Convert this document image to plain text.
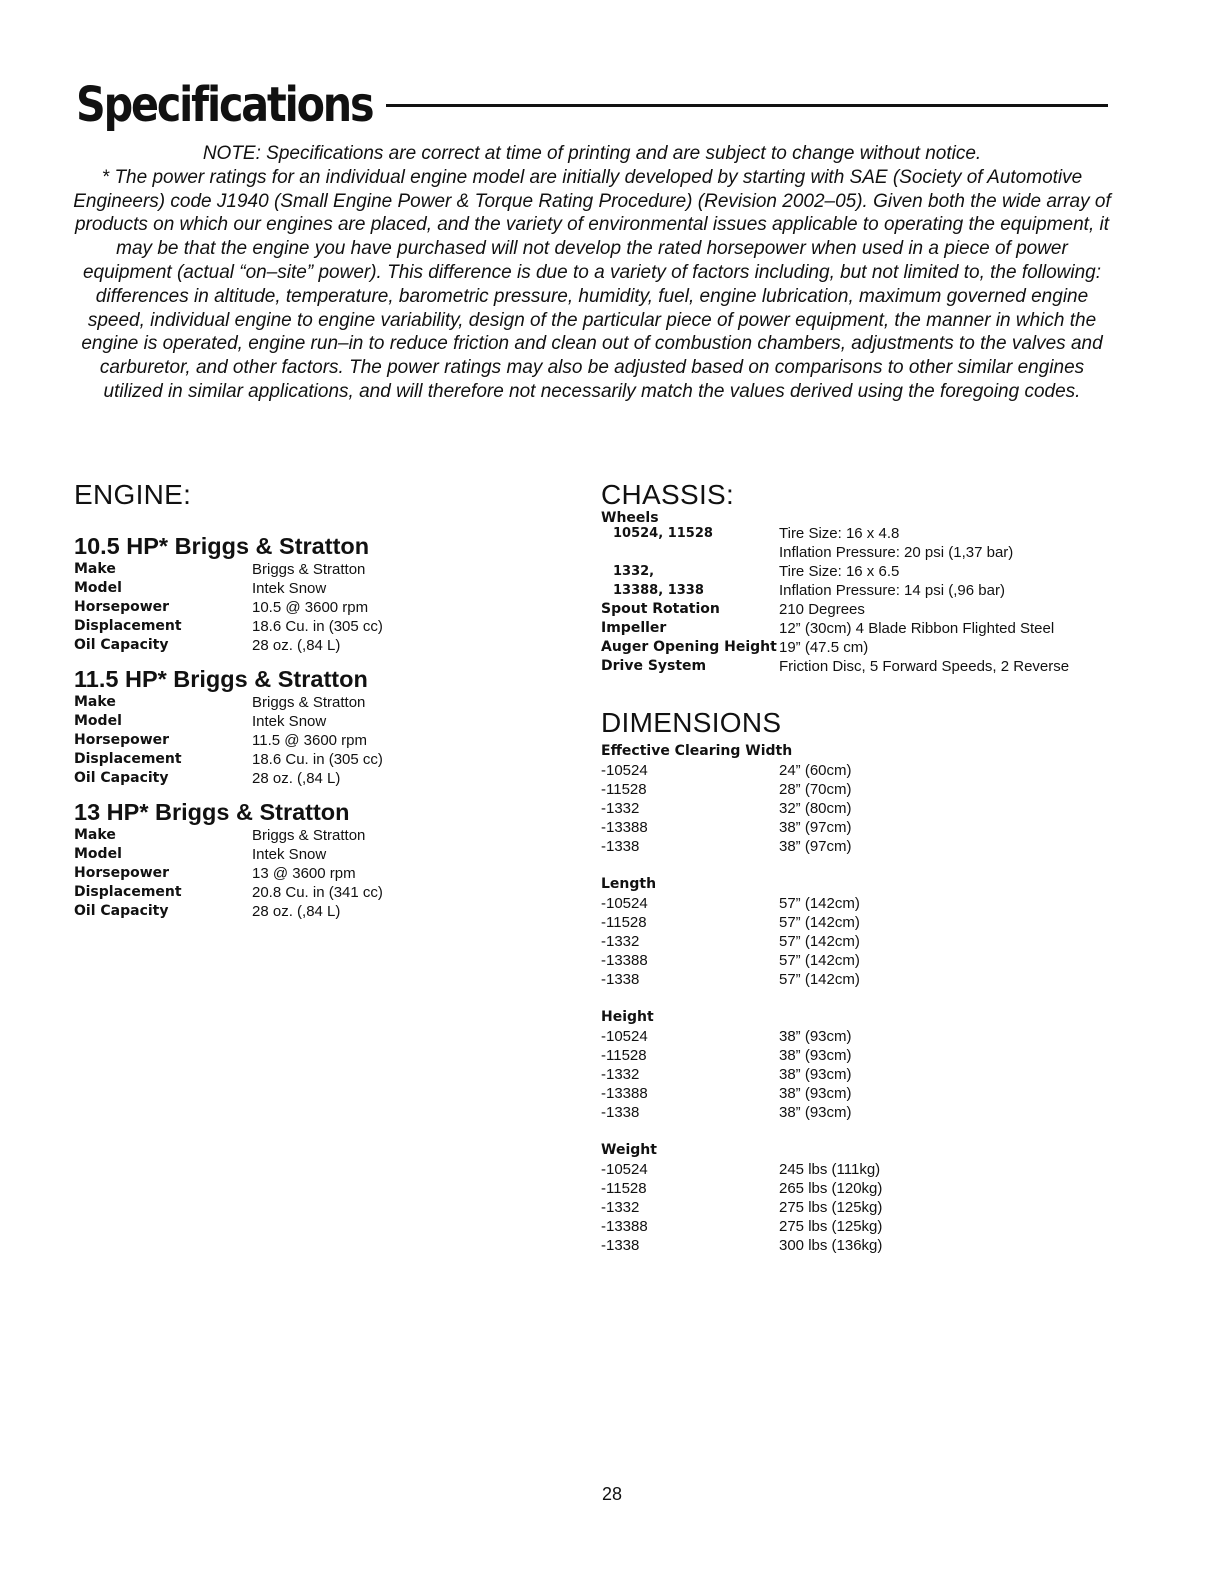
Specifications

NOTE: Specifications are correct at time of printing and are subject to change without notice.

* The power ratings for an individual engine model are initially developed by starting with SAE (Society of Automotive Engineers) code J1940 (Small Engine Power & Torque Rating Procedure) (Revision 2002–05). Given both the wide array of products on which our engines are placed, and the variety of environmental issues applicable to operating the equipment, it may be that the engine you have purchased will not develop the rated horsepower when used in a piece of power equipment (actual “on–site” power). This difference is due to a variety of factors including, but not limited to, the following: differences in altitude, temperature, barometric pressure, humidity, fuel, engine lubrication, maximum governed engine speed, individual engine to engine variability, design of the particular piece of power equipment, the manner in which the engine is operated, engine run–in to reduce friction and clean out of combustion chambers, adjustments to the valves and carburetor, and other factors. The power ratings may also be adjusted based on comparisons to other similar engines utilized in similar applications, and will therefore not necessarily match the values derived using the foregoing codes.

ENGINE:
10.5 HP* Briggs & Stratton
Make	Briggs & Stratton
Model	Intek Snow
Horsepower	10.5 @ 3600 rpm
Displacement	18.6 Cu. in (305 cc)
Oil Capacity	28 oz. (,84 L)
11.5 HP* Briggs & Stratton
Make	Briggs & Stratton
Model	Intek Snow
Horsepower	11.5 @ 3600 rpm
Displacement	18.6 Cu. in (305 cc)
Oil Capacity	28 oz. (,84 L)
13 HP* Briggs & Stratton
Make	Briggs & Stratton
Model	Intek Snow
Horsepower	13 @ 3600 rpm
Displacement	20.8 Cu. in (341 cc)
Oil Capacity	28 oz. (,84 L)
CHASSIS:
Wheels
10524, 11528	Tire Size: 16 x 4.8
Inflation Pressure: 20 psi (1,37 bar)
1332,	Tire Size: 16 x 6.5
13388, 1338	Inflation Pressure: 14 psi (,96 bar)
Spout Rotation	210 Degrees
Impeller	12” (30cm) 4 Blade Ribbon Flighted Steel
Auger Opening Height 19” (47.5 cm)
Drive System	Friction Disc, 5 Forward Speeds, 2 Reverse
DIMENSIONS
Effective Clearing Width
-10524	24” (60cm)
-11528	28” (70cm)
-1332	32” (80cm)
-13388	38” (97cm)
-1338	38” (97cm)
Length
-10524	57” (142cm)
-11528	57” (142cm)
-1332	57” (142cm)
-13388	57” (142cm)
-1338	57” (142cm)
Height
-10524	38” (93cm)
-11528	38” (93cm)
-1332	38” (93cm)
-13388	38” (93cm)
-1338	38” (93cm)
Weight
-10524	245 lbs (111kg)
-11528	265 lbs (120kg)
-1332	275 lbs (125kg)
-13388	275 lbs (125kg)
-1338	300 lbs (136kg)
28
